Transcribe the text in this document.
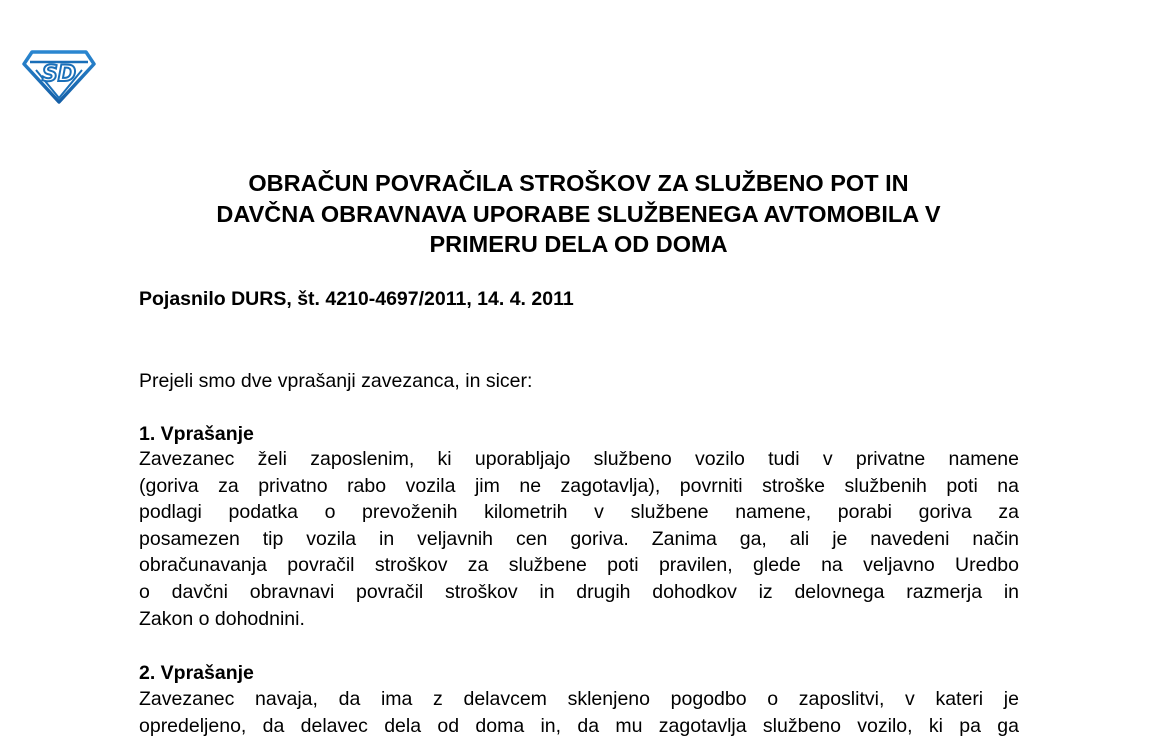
SD
OBRAČUN POVRAČILA STROŠKOV ZA SLUŽBENO POT IN
DAVČNA OBRAVNAVA UPORABE SLUŽBENEGA AVTOMOBILA V
PRIMERU DELA OD DOMA

Pojasnilo DURS, št. 4210-4697/2011, 14. 4. 2011

Prejeli smo dve vprašanji zavezanca, in sicer:

1. Vprašanje

Zavezanec želi zaposlenim, ki uporabljajo službeno vozilo tudi v privatne namene
(goriva za privatno rabo vozila jim ne zagotavlja), povrniti stroške službenih poti na
podlagi podatka o prevoženih kilometrih v službene namene, porabi goriva za
posamezen tip vozila in veljavnih cen goriva. Zanima ga, ali je navedeni način
obračunavanja povračil stroškov za službene poti pravilen, glede na veljavno Uredbo
o davčni obravnavi povračil stroškov in drugih dohodkov iz delovnega razmerja in
Zakon o dohodnini.

2. Vprašanje

Zavezanec navaja, da ima z delavcem sklenjeno pogodbo o zaposlitvi, v kateri je
opredeljeno, da delavec dela od doma in, da mu zagotavlja službeno vozilo, ki pa ga
